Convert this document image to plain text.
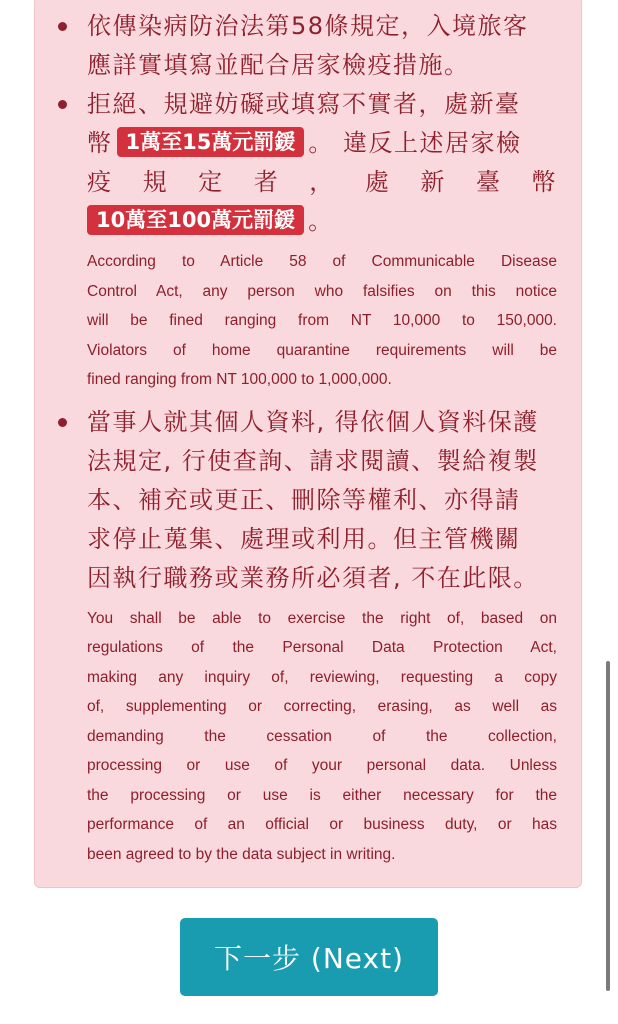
依傳染病防治法第58條規定，入境旅客
應詳實填寫並配合居家檢疫措施。

拒絕、規避妨礙或填寫不實者，處新臺
幣 1萬至15萬元罰鍰 。 違反上述居家檢
疫 規 定 者 ， 處 新 臺 幣
10萬至100萬元罰鍰 。

According to Article 58 of Communicable Disease
Control Act, any person who falsifies on this notice
will be fined ranging from NT 10,000 to 150,000.
Violators of home quarantine requirements will be
fined ranging from NT 100,000 to 1,000,000.

當事人就其個人資料, 得依個人資料保護
法規定, 行使查詢、請求閱讀、製給複製
本、補充或更正、刪除等權利、亦得請
求停止蒐集、處理或利用。但主管機關
因執行職務或業務所必須者, 不在此限。

You shall be able to exercise the right of, based on
regulations of the Personal Data Protection Act,
making any inquiry of, reviewing, requesting a copy
of, supplementing or correcting, erasing, as well as
demanding the cessation of the collection,
processing or use of your personal data. Unless
the processing or use is either necessary for the
performance of an official or business duty, or has
been agreed to by the data subject in writing.
下一步 (Next)
